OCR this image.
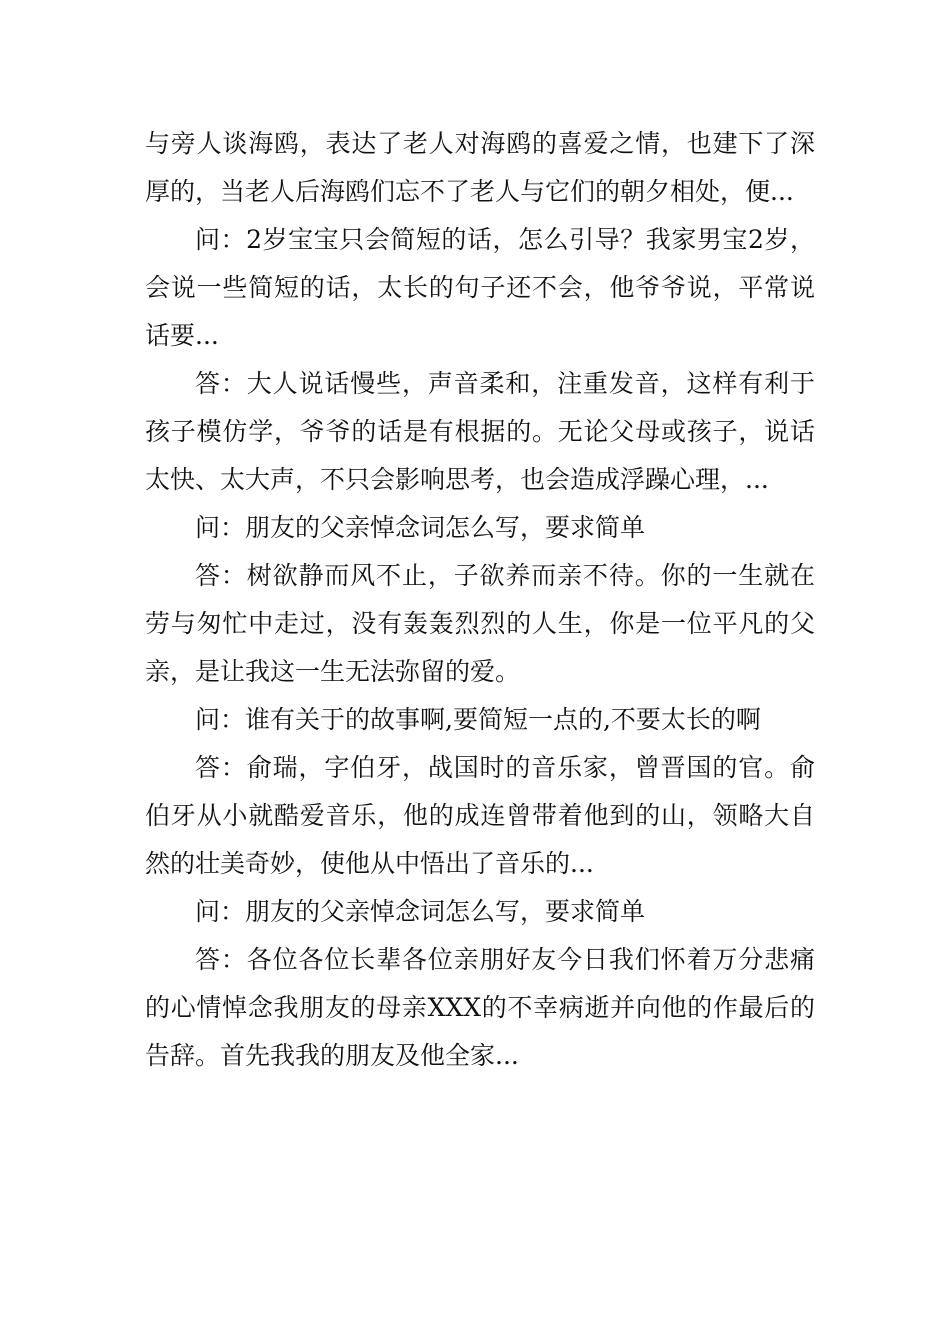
与旁人谈海鸥，表达了老人对海鸥的喜爱之情，也建下了深厚的，当老人后海鸥们忘不了老人与它们的朝夕相处，便...

问：2岁宝宝只会简短的话，怎么引导？我家男宝2岁，会说一些简短的话，太长的句子还不会，他爷爷说，平常说话要...

答：大人说话慢些，声音柔和，注重发音，这样有利于孩子模仿学，爷爷的话是有根据的。无论父母或孩子，说话太快、太大声，不只会影响思考，也会造成浮躁心理，...

问：朋友的父亲悼念词怎么写，要求简单

答：树欲静而风不止，子欲养而亲不待。你的一生就在劳与匆忙中走过，没有轰轰烈烈的人生，你是一位平凡的父亲，是让我这一生无法弥留的爱。

问：谁有关于的故事啊,要简短一点的,不要太长的啊

答：俞瑞，字伯牙，战国时的音乐家，曾晋国的官。俞伯牙从小就酷爱音乐，他的成连曾带着他到的山，领略大自然的壮美奇妙，使他从中悟出了音乐的...

问：朋友的父亲悼念词怎么写，要求简单

答：各位各位长辈各位亲朋好友今日我们怀着万分悲痛的心情悼念我朋友的母亲XXX的不幸病逝并向他的作最后的告辞。首先我我的朋友及他全家...
